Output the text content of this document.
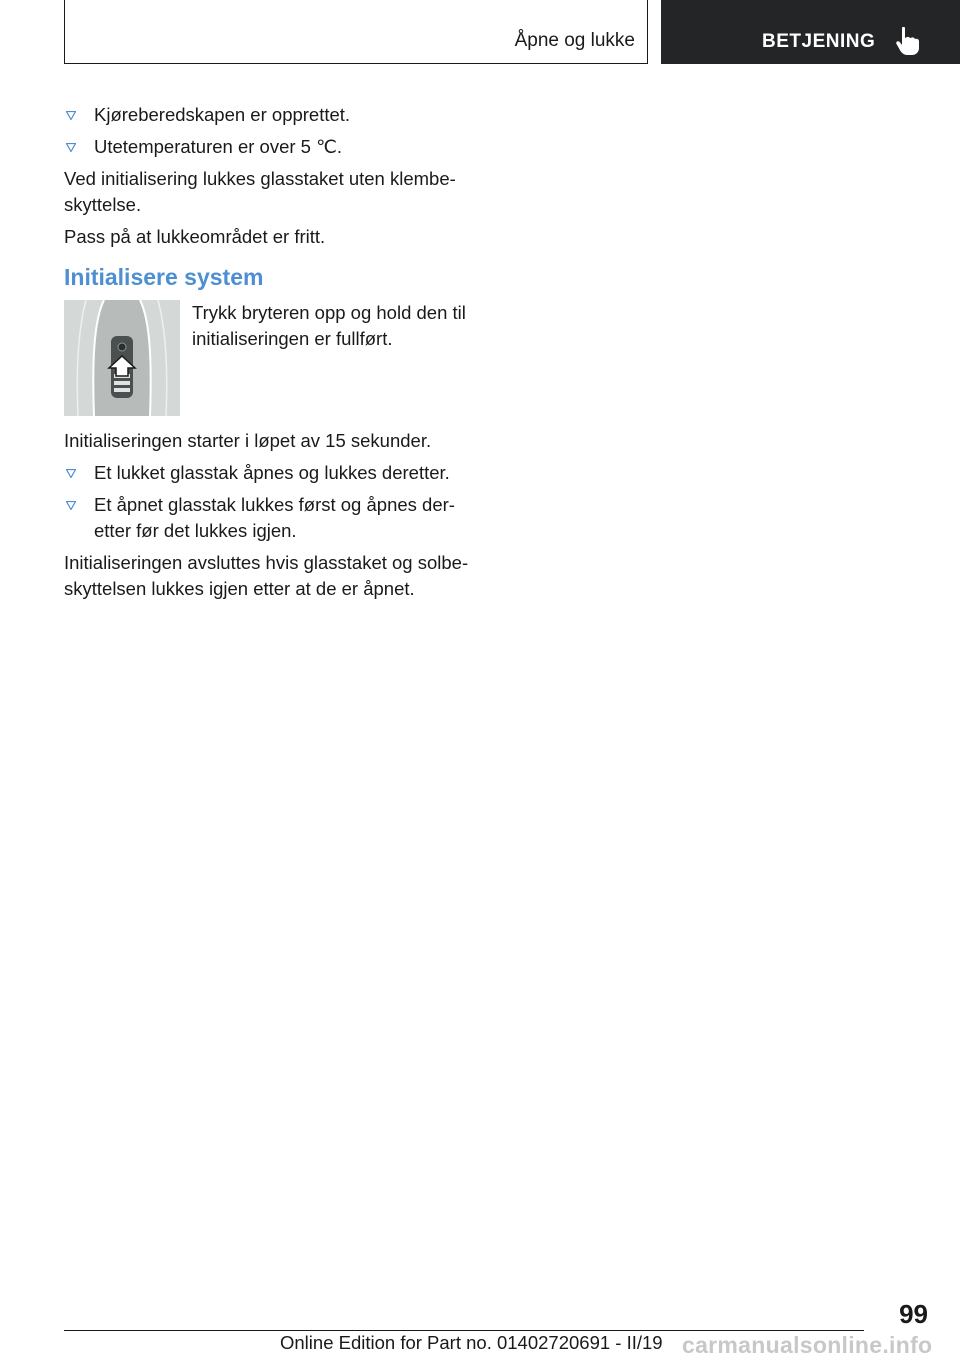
Åpne og lukke	BETJENING
Kjøreberedskapen er opprettet.
Utetemperaturen er over 5 ℃.
Ved initialisering lukkes glasstaket uten klembe-skyttelse.
Pass på at lukkeområdet er fritt.
Initialisere system
Trykk bryteren opp og hold den til initialiseringen er fullført.
Initialiseringen starter i løpet av 15 sekunder.
Et lukket glasstak åpnes og lukkes deretter.
Et åpnet glasstak lukkes først og åpnes der-etter før det lukkes igjen.
Initialiseringen avsluttes hvis glasstaket og solbe-skyttelsen lukkes igjen etter at de er åpnet.
99
Online Edition for Part no. 01402720691 - II/19 carmanualsonline.info
